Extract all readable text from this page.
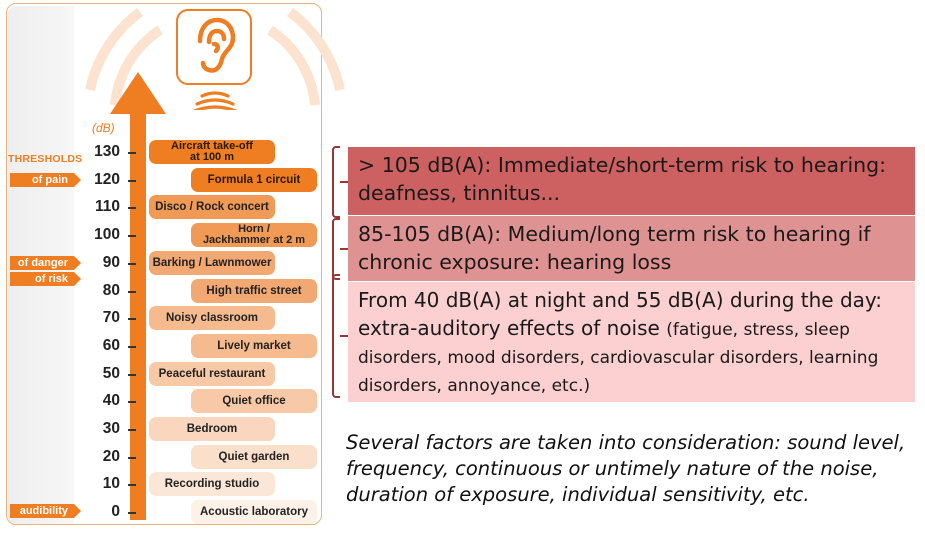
(dB)
THRESHOLDS
of pain
of danger
of risk
audibility
130
120
110
100
90
80
70
60
50
40
30
20
10
0
Aircraft take-off
at 100 m
Formula 1 circuit
Disco / Rock concert
Horn /
Jackhammer at 2 m
Barking / Lawnmower
High traffic street
Noisy classroom
Lively market
Peaceful restaurant
Quiet office
Bedroom
Quiet garden
Recording studio
Acoustic laboratory
> 105 dB(A): Immediate/short-term risk to hearing: deafness, tinnitus...
85-105 dB(A): Medium/long term risk to hearing if chronic exposure: hearing loss
From 40 dB(A) at night and 55 dB(A) during the day: extra-auditory effects of noise (fatigue, stress, sleep disorders, mood disorders, cardiovascular disorders, learning disorders, annoyance, etc.)
Several factors are taken into consideration: sound level, frequency, continuous or untimely nature of the noise, duration of exposure, individual sensitivity, etc.
